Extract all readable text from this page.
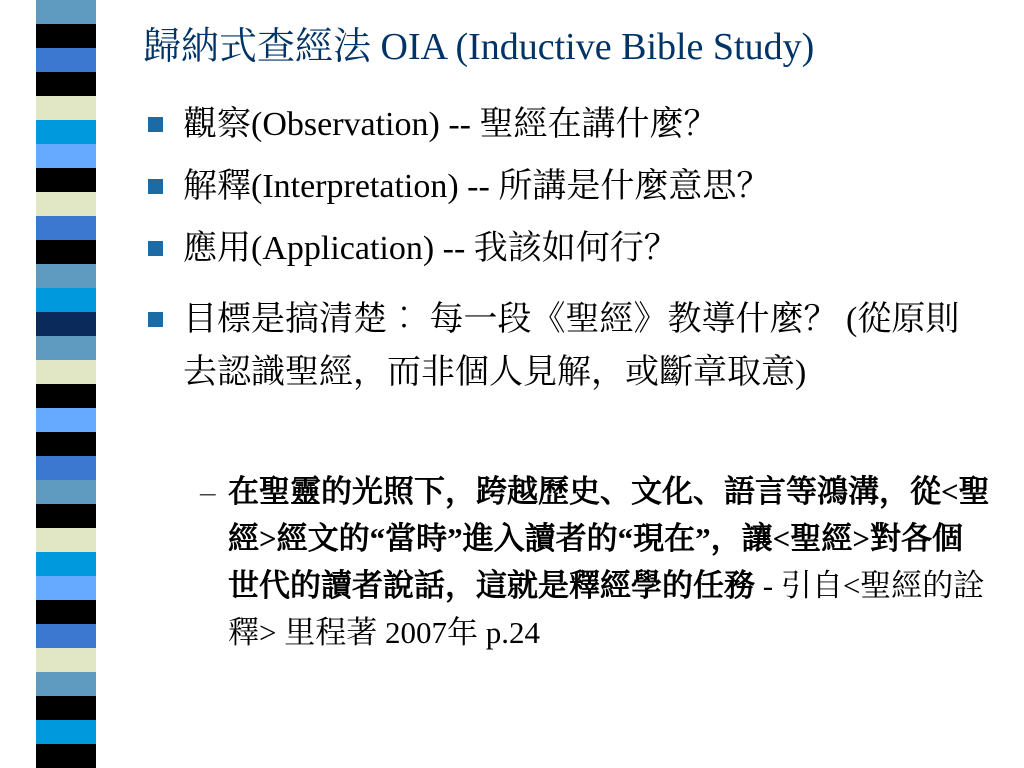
歸納式查經法 OIA (Inductive Bible Study)
觀察(Observation) -- 聖經在講什麼？
解釋(Interpretation) -- 所講是什麼意思？
應用(Application) -- 我該如何行？
目標是搞清楚︰ 每一段《聖經》教導什麼？ (從原則去認識聖經，而非個人見解，或斷章取意)
– 在聖靈的光照下，跨越歷史、文化、語言等鴻溝，從<聖經>經文的“當時”進入讀者的“現在”，讓<聖經>對各個世代的讀者說話，這就是釋經學的任務 - 引自<聖經的詮釋> 里程著 2007年 p.24
